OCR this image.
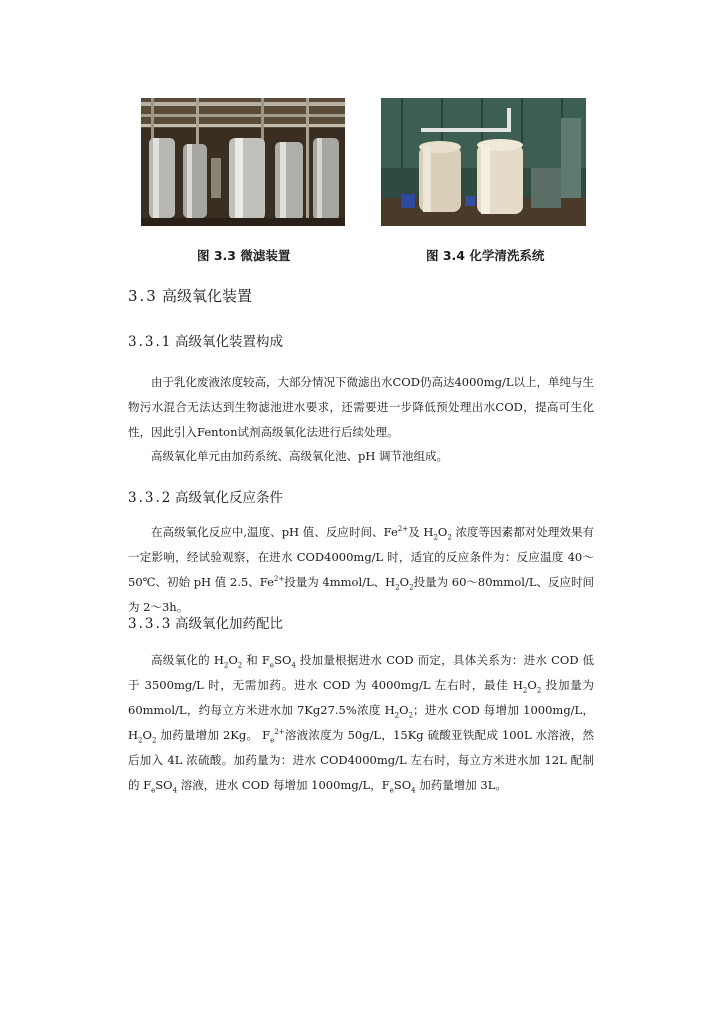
图 3.3 微滤装置	图 3.4 化学清洗系统
3.3 高级氧化装置
3.3.1 高级氧化装置构成

由于乳化废液浓度较高，大部分情况下微滤出水COD仍高达4000mg/L以上，单纯与生物污水混合无法达到生物滤池进水要求，还需要进一步降低预处理出水COD，提高可生化性，因此引入Fenton试剂高级氧化法进行后续处理。

高级氧化单元由加药系统、高级氧化池、pH 调节池组成。

3.3.2 高级氧化反应条件

在高级氧化反应中,温度、pH 值、反应时间、$Fe^{2+}$及 $H_2O_2$ 浓度等因素都对处理效果有一定影响，经试验观察，在进水 COD4000mg/L 时，适宜的反应条件为：反应温度 40～50℃、初始 pH 值 2.5、$Fe^{2+}$投量为 4mmol/L、$H_2O_2$投量为 60～80mmol/L、反应时间为 2～3h。

3.3.3 高级氧化加药配比

高级氧化的 $H_2O_2$ 和 $F_eSO_4$ 投加量根据进水 COD 而定，具体关系为：进水 COD 低于 3500mg/L 时，无需加药。进水 COD 为 4000mg/L 左右时，最佳 $H_2O_2$ 投加量为 60mmol/L，约每立方米进水加 7Kg27.5%浓度 $H_2O_2$；进水 COD 每增加 1000mg/L，$H_2O_2$ 加药量增加 2Kg。 $F_e^{2+}$溶液浓度为 50g/L，15Kg 硫酸亚铁配成 100L 水溶液，然后加入 4L 浓硫酸。加药量为：进水 COD4000mg/L 左右时，每立方米进水加 12L 配制的 $F_eSO_4$ 溶液，进水 COD 每增加 1000mg/L，$F_eSO_4$ 加药量增加 3L。
